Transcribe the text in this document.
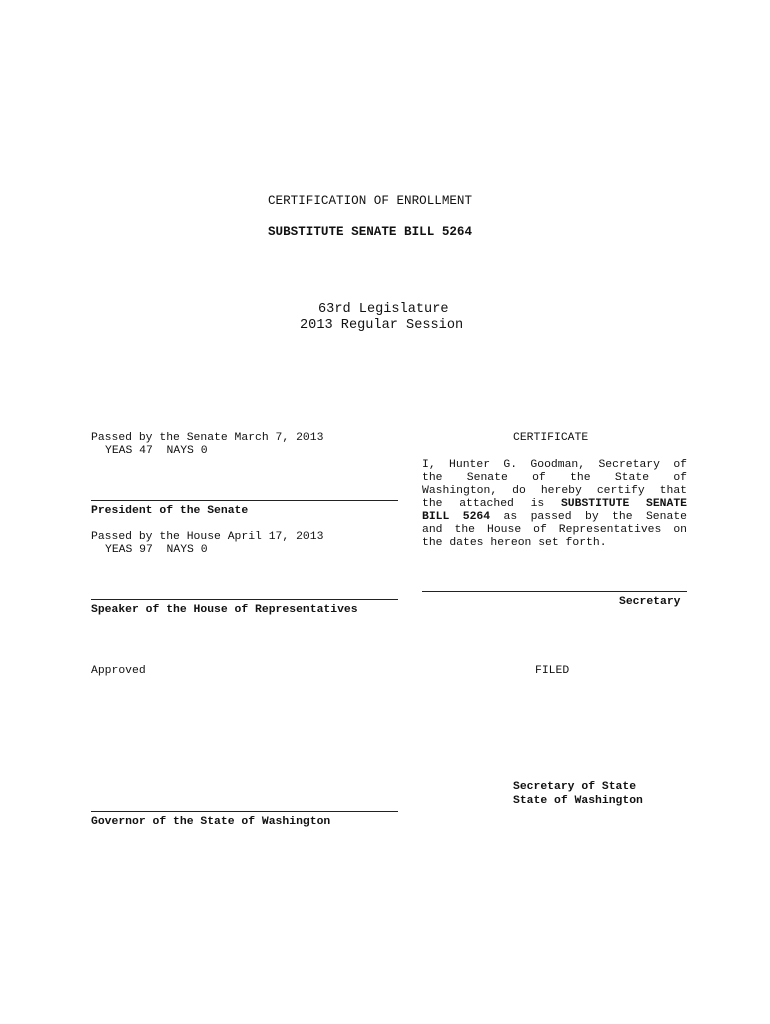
CERTIFICATION OF ENROLLMENT
SUBSTITUTE SENATE BILL 5264
63rd Legislature
2013 Regular Session
Passed by the Senate March 7, 2013
YEAS 47  NAYS 0
President of the Senate
Passed by the House April 17, 2013
YEAS 97  NAYS 0
Speaker of the House of Representatives
CERTIFICATE
I, Hunter G. Goodman, Secretary of
the Senate of the State of
Washington, do hereby certify that
the attached is SUBSTITUTE SENATE
BILL 5264 as passed by the Senate
and the House of Representatives on
the dates hereon set forth.
Secretary
Approved	FILED
Secretary of State
State of Washington
Governor of the State of Washington
